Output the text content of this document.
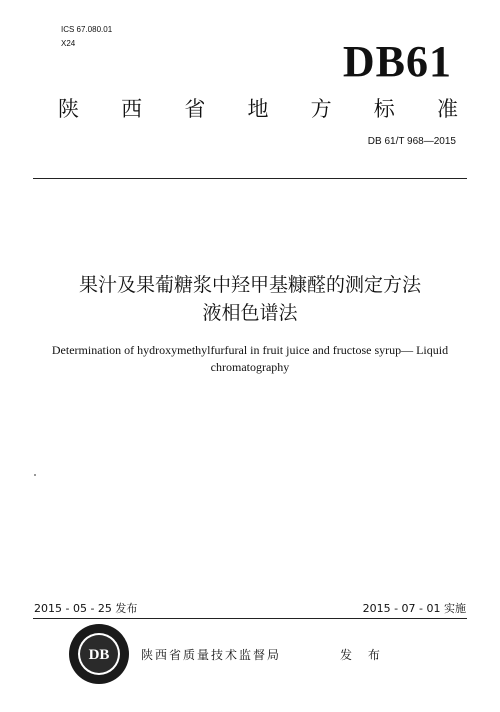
ICS 67.080.01
X24	DB61
陕 西 省 地 方 标 准
DB 61/T 968—2015
果汁及果葡糖浆中羟甲基糠醛的测定方法
液相色谱法
Determination of hydroxymethylfurfural in fruit juice and fructose syrup— Liquid
chromatography
2015 - 05 - 25 发布	2015 - 07 - 01 实施
DB	陕西省质量技术监督局	发 布
